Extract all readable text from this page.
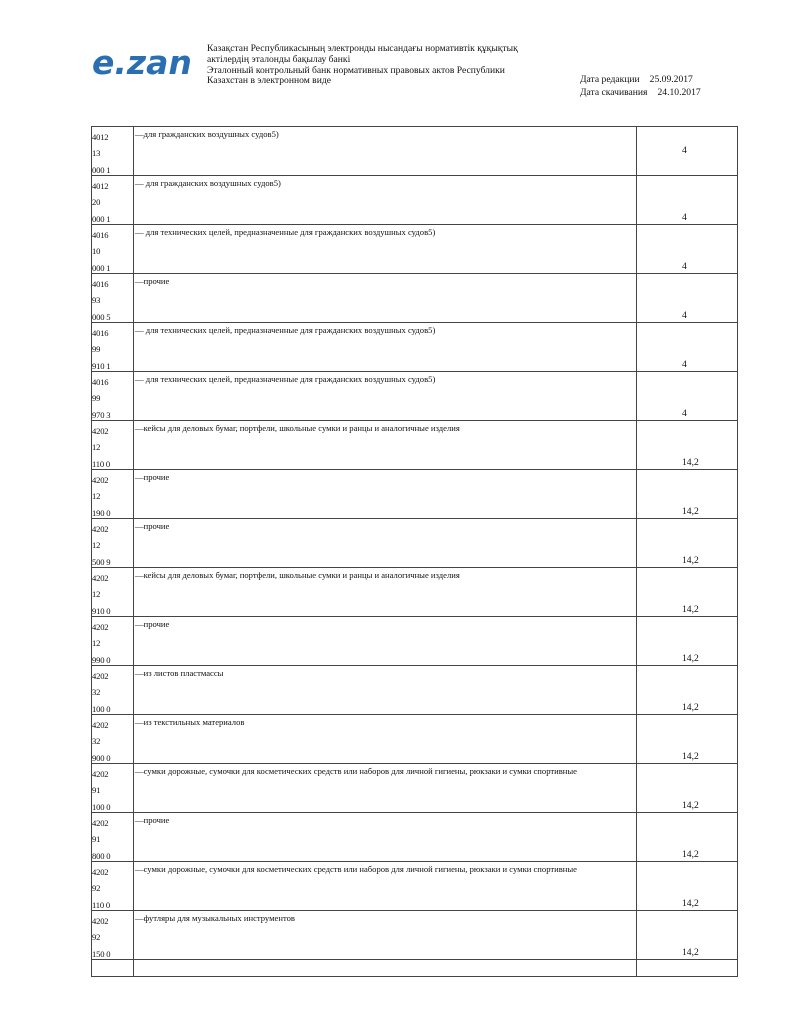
e.zan Казақстан Республикасының электронды нысандағы нормативтік құқықтық
актілердің эталонды бақылау банкі
Эталонный контрольный банк нормативных правовых актов Республики
Казахстан в электронном виде	Дата редакции 25.09.2017
Дата скачивания 24.10.2017
4012
13
000 1
—для гражданских воздушных судов5)
4
4012
20
000 1
— для гражданских воздушных судов5)
4
4016
10
000 1
— для технических целей, предназначенные для гражданских воздушных судов5)
4
4016
93
000 5
—прочие
4
4016
99
910 1
— для технических целей, предназначенные для гражданских воздушных судов5)
4
4016
99
970 3
— для технических целей, предназначенные для гражданских воздушных судов5)
4
4202
12
110 0
—кейсы для деловых бумаг, портфели, школьные сумки и ранцы и аналогичные изделия
14,2
4202
12
190 0
—прочие
14,2
4202
12
500 9
—прочие
14,2
4202
12
910 0
—кейсы для деловых бумаг, портфели, школьные сумки и ранцы и аналогичные изделия
14,2
4202
12
990 0
—прочие
14,2
4202
32
100 0
—из листов пластмассы
14,2
4202
32
900 0
—из текстильных материалов
14,2
4202
91
100 0
—сумки дорожные, сумочки для косметических средств или наборов для личной гигиены, рюкзаки и сумки спортивные
14,2
4202
91
800 0
—прочие
14,2
4202
92
110 0
—сумки дорожные, сумочки для косметических средств или наборов для личной гигиены, рюкзаки и сумки спортивные
14,2
4202
92
150 0
—футляры для музыкальных инструментов
14,2
